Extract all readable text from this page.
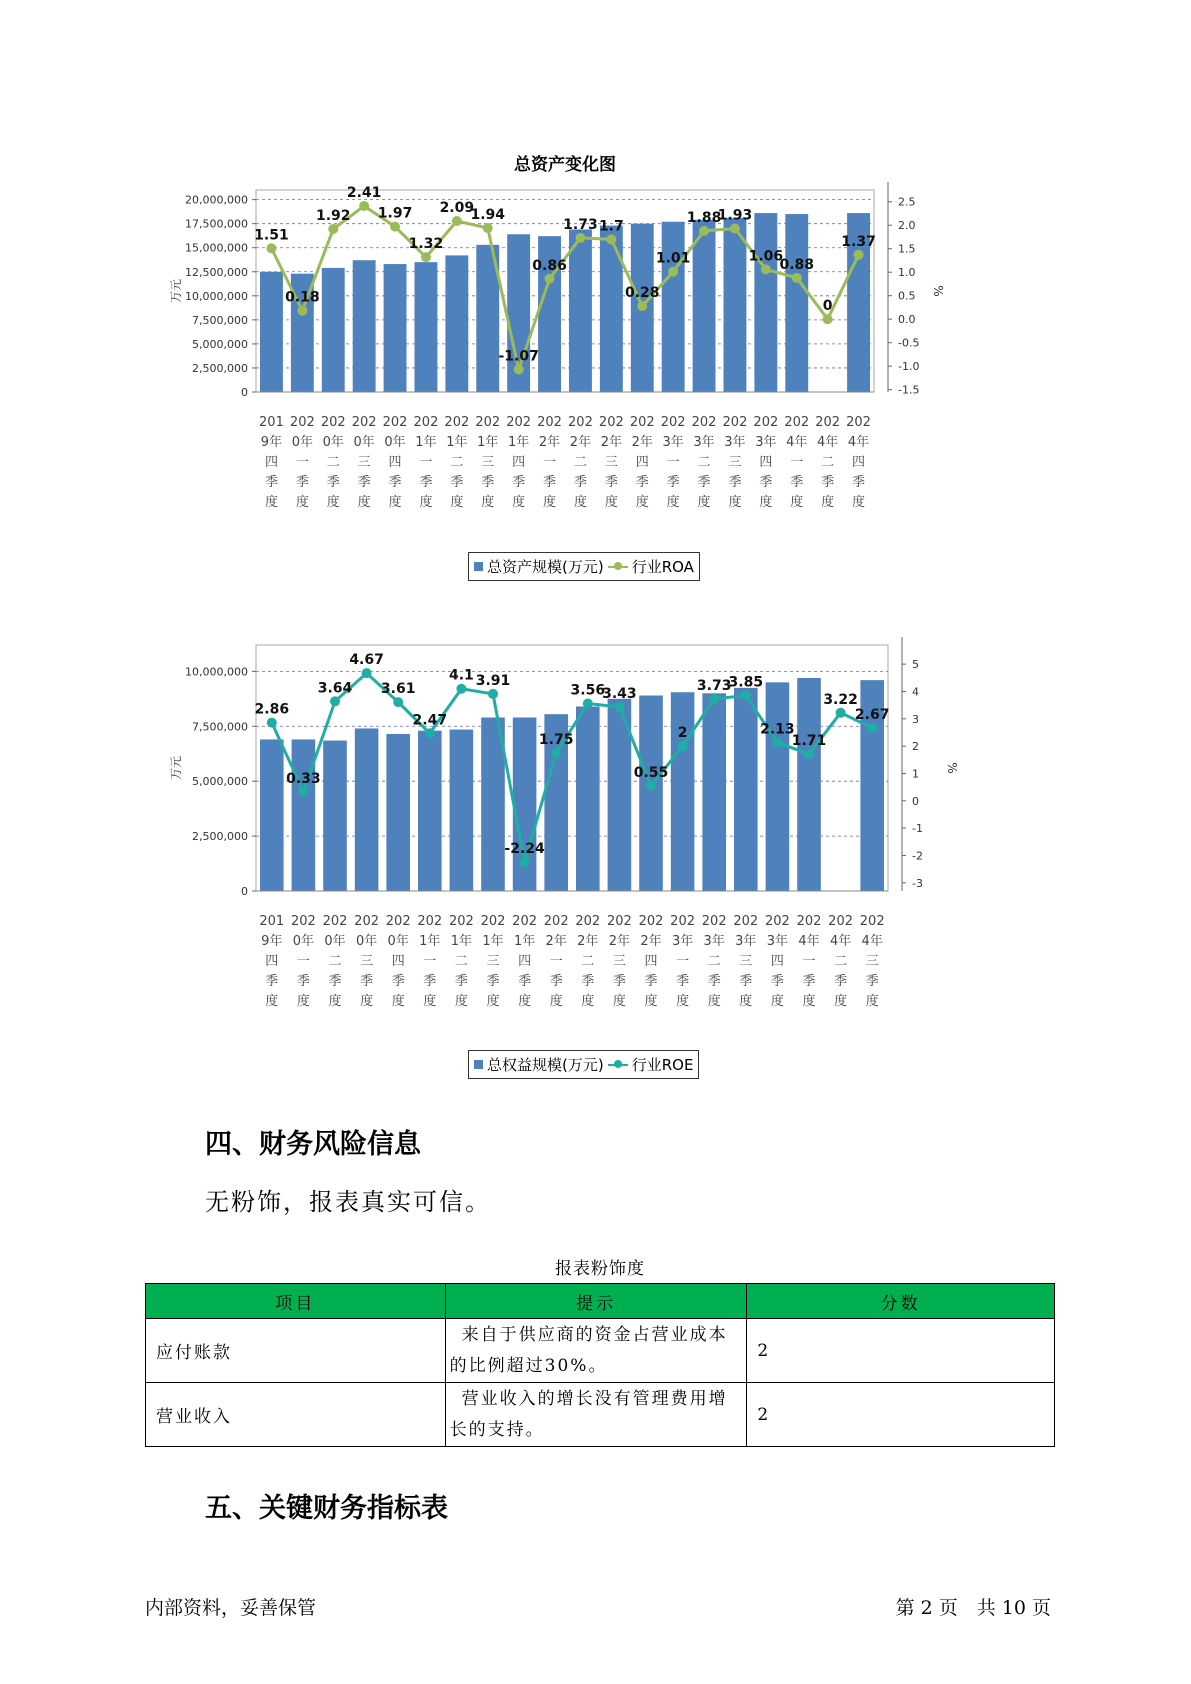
总资产变化图
0
2,500,000
5,000,000
7,500,000
10,000,000
12,500,000
15,000,000
17,500,000
20,000,000	2.5
2.0
1.5
1.0
0.5
0.0
-0.5
-1.0
-1.5
万元	%
201
9年
四
季
度
202
0年
一
季
度
202
0年
二
季
度
202
0年
三
季
度
202
0年
四
季
度
202
1年
一
季
度
202
1年
二
季
度
202
1年
三
季
度
202
1年
四
季
度
202
2年
一
季
度
202
2年
二
季
度
202
2年
三
季
度
202
2年
四
季
度
202
3年
一
季
度
202
3年
二
季
度
202
3年
三
季
度
202
3年
四
季
度
202
4年
一
季
度
202
4年
二
季
度
202
4年
四
季
度
1.51
0.18
1.92
2.41
1.97
1.32
2.09
1.94
-1.07
0.86
1.73 1.7
0.28
1.01
1.88
1.93
1.06
0.88
0
1.37
总资产规模(万元) 行业ROA
0
2,500,000
5,000,000
7,500,000
10,000,000
5
4
3
2
1
0
-1
-2
-3
万元	%
201
9年
四
季
度
202
0年
一
季
度
202
0年
二
季
度
202
0年
三
季
度
202
0年
四
季
度
202
1年
一
季
度
202
1年
二
季
度
202
1年
三
季
度
202
1年
四
季
度
202
2年
一
季
度
202
2年
二
季
度
202
2年
三
季
度
202
2年
四
季
度
202
3年
一
季
度
202
3年
二
季
度
202
3年
三
季
度
202
3年
四
季
度
202
4年
一
季
度
202
4年
二
季
度
202
4年
三
季
度
2.86
0.33
3.64
4.67
3.61
2.47
4.1 3.91
-2.24
1.75
3.56
3.43
0.55
2
3.73
3.85
2.13
1.71
3.22
2.67
总权益规模(万元) 行业ROE
四、财务风险信息
无粉饰，报表真实可信。
报表粉饰度
项目	提示	分数
应付账款	来自于供应商的资金占营业成本
的比例超过30%。	2
营业收入	营业收入的增长没有管理费用增
长的支持。	2
五、关键财务指标表
内部资料，妥善保管	第 2 页　共 10 页
